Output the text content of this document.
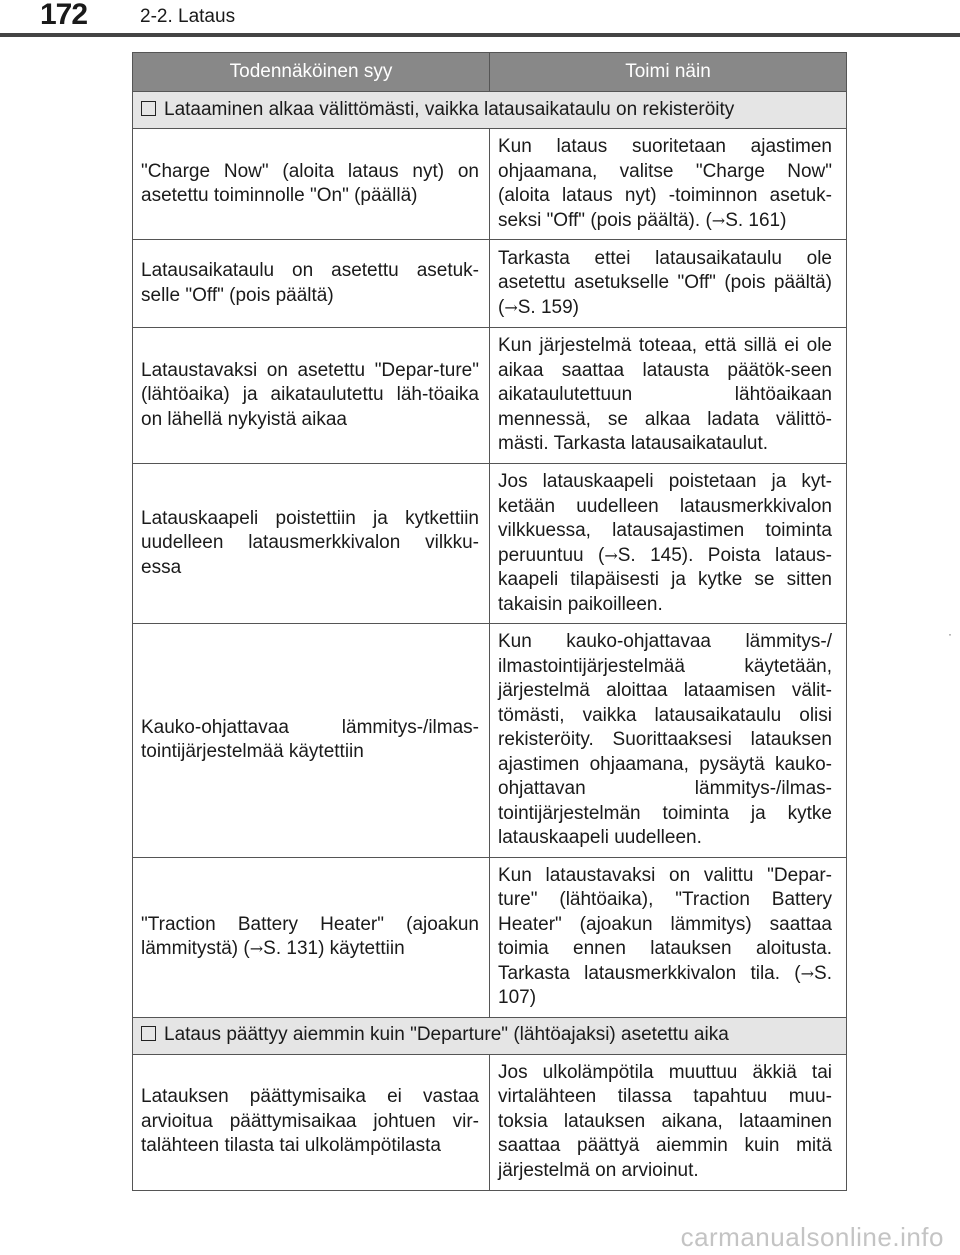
172	2-2. Lataus
·
Todennäköinen syy	Toimi näin
Lataaminen alkaa välittömästi, vaikka latausaikataulu on rekisteröity	
"Charge Now" (aloita lataus nyt) on asetettu toiminnolle "On" (päällä)	Kun lataus suoritetaan ajastimen ohjaamana, valitse "Charge Now" (aloita lataus nyt) -toiminnon asetuk-seksi "Off" (pois päältä). (→S. 161)
Latausaikataulu on asetettu asetuk-selle "Off" (pois päältä)	Tarkasta ettei latausaikataulu ole asetettu asetukselle "Off" (pois päältä) (→S. 159)
Lataustavaksi on asetettu "Depar-ture" (lähtöaika) ja aikataulutettu läh-töaika on lähellä nykyistä aikaa	Kun järjestelmä toteaa, että sillä ei ole aikaa saattaa latausta päätök-seen aikataulutettuun lähtöaikaan mennessä, se alkaa ladata välittö-mästi. Tarkasta latausaikataulut.
Latauskaapeli poistettiin ja kytkettiin uudelleen latausmerkkivalon vilkku-essa	Jos latauskaapeli poistetaan ja kyt-ketään uudelleen latausmerkkivalon vilkkuessa, latausajastimen toiminta peruuntuu (→S. 145). Poista lataus-kaapeli tilapäisesti ja kytke se sitten takaisin paikoilleen.
Kauko-ohjattavaa lämmitys-/ilmas-tointijärjestelmää käytettiin	Kun kauko-ohjattavaa lämmitys-/ ilmastointijärjestelmää käytetään, järjestelmä aloittaa lataamisen välit-tömästi, vaikka latausaikataulu olisi rekisteröity. Suorittaaksesi latauksen ajastimen ohjaamana, pysäytä kauko-ohjattavan lämmitys-/ilmas-tointijärjestelmän toiminta ja kytke latauskaapeli uudelleen.
"Traction Battery Heater" (ajoakun lämmitystä) (→S. 131) käytettiin	Kun lataustavaksi on valittu "Depar-ture" (lähtöaika), "Traction Battery Heater" (ajoakun lämmitys) saattaa toimia ennen latauksen aloitusta. Tarkasta latausmerkkivalon tila. (→S. 107)
Lataus päättyy aiemmin kuin "Departure" (lähtöajaksi) asetettu aika	
Latauksen päättymisaika ei vastaa arvioitua päättymisaikaa johtuen vir-talähteen tilasta tai ulkolämpötilasta	Jos ulkolämpötila muuttuu äkkiä tai virtalähteen tilassa tapahtuu muu-toksia latauksen aikana, lataaminen saattaa päättyä aiemmin kuin mitä järjestelmä on arvioinut.
carmanualsonline.info
